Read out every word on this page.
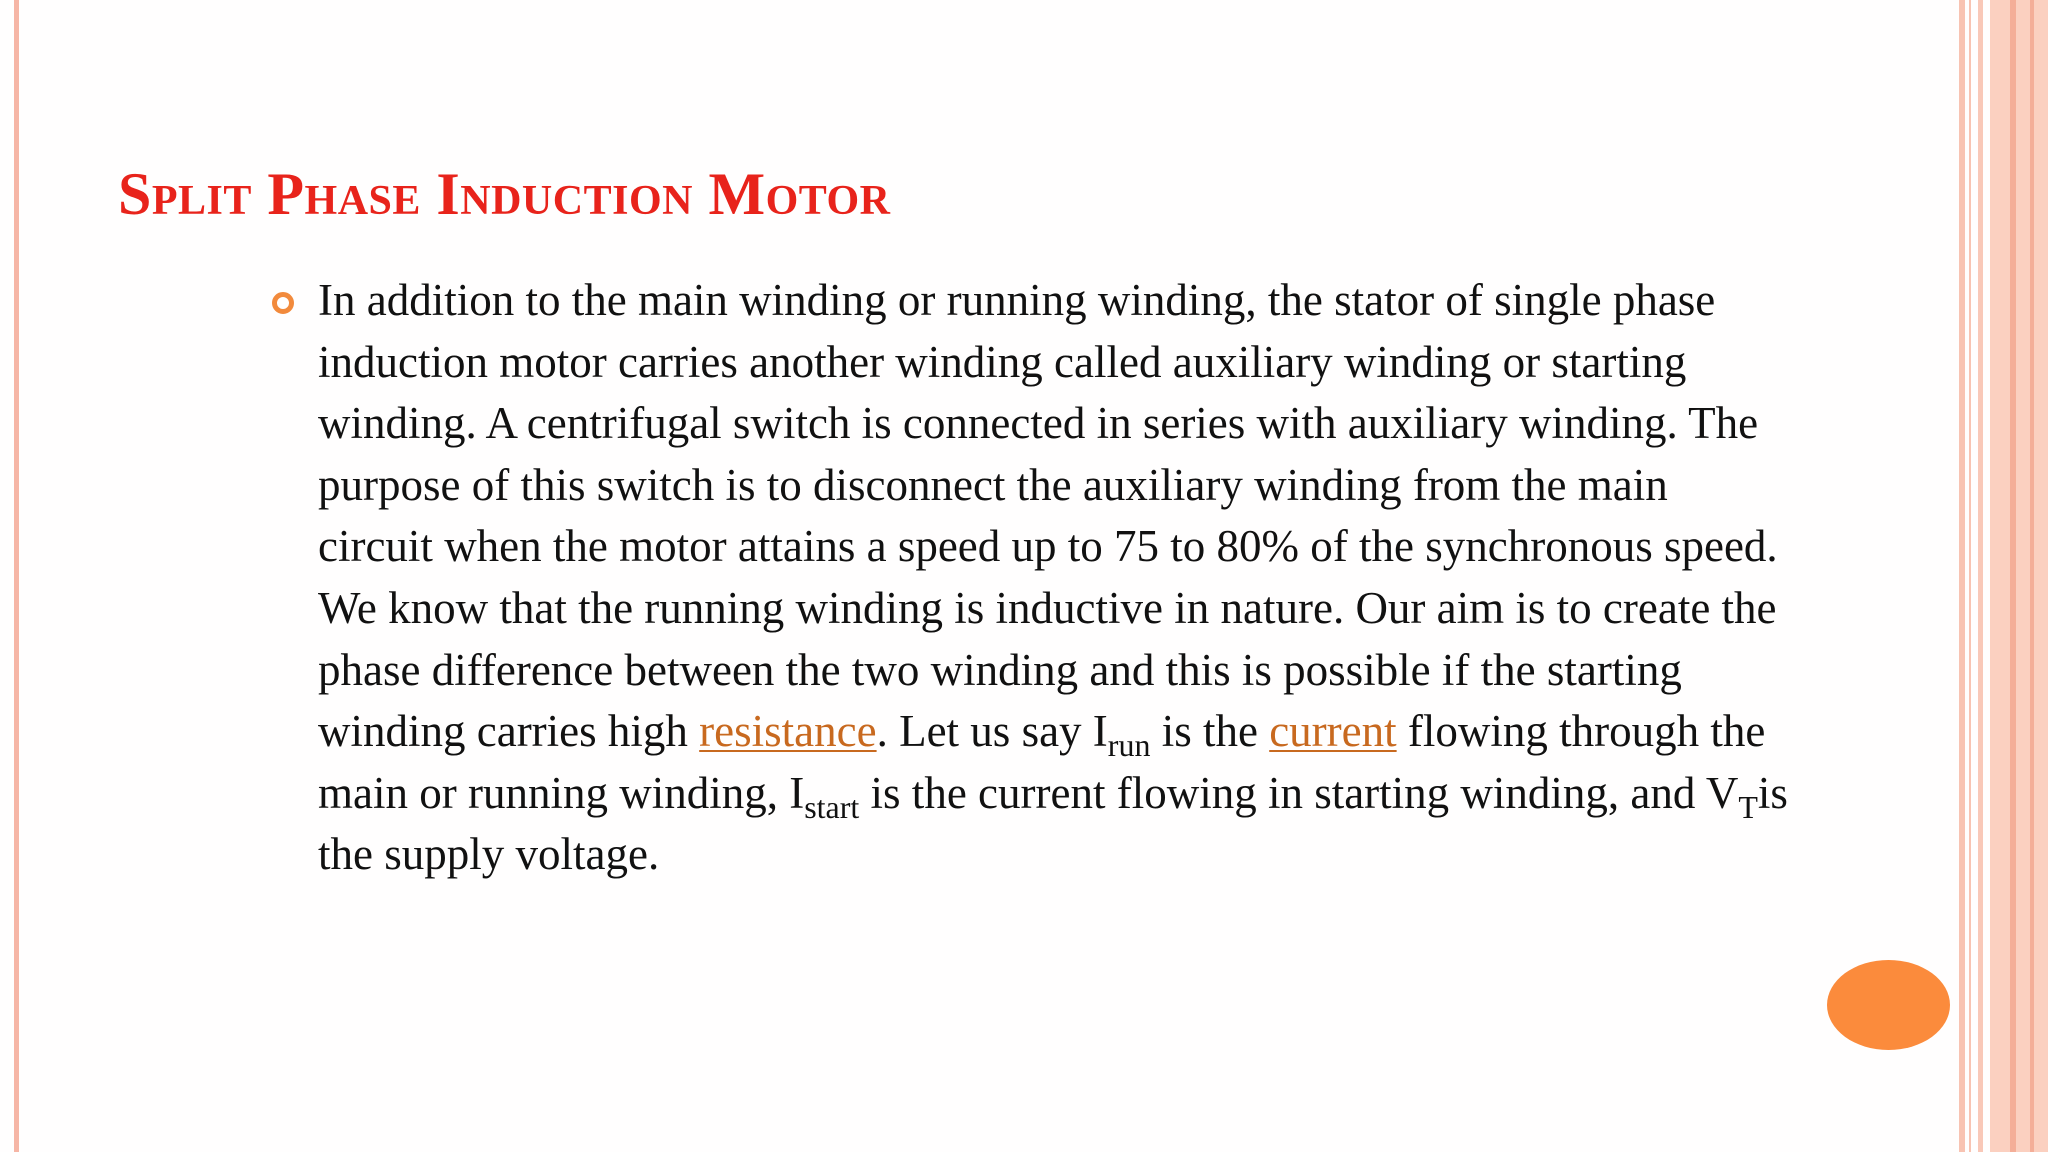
Split Phase Induction Motor

In addition to the main winding or running winding, the stator of single phase induction motor carries another winding called auxiliary winding or starting winding. A centrifugal switch is connected in series with auxiliary winding. The purpose of this switch is to disconnect the auxiliary winding from the main circuit when the motor attains a speed up to 75 to 80% of the synchronous speed. We know that the running winding is inductive in nature. Our aim is to create the phase difference between the two winding and this is possible if the starting winding carries high resistance. Let us say $I_{run}$ is the current flowing through the main or running winding, $I_{start}$ is the current flowing in starting winding, and $V_Tis$ the supply voltage.
